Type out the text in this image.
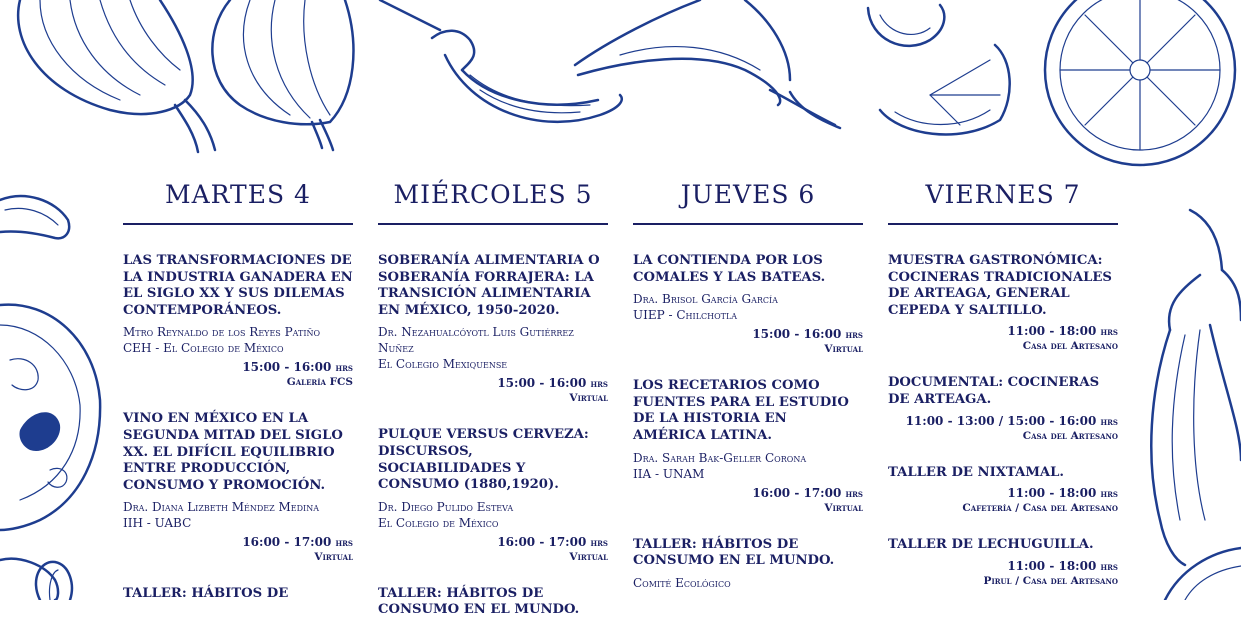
MARTES 4
LAS TRANSFORMACIONES DE LA INDUSTRIA GANADERA EN EL SIGLO XX Y SUS DILEMAS CONTEMPORÁNEOS.
Mtro Reynaldo de los Reyes Patiño
CEH - El Colegio de México
15:00 - 16:00 hrs
Galería FCS
VINO EN MÉXICO EN LA SEGUNDA MITAD DEL SIGLO XX. EL DIFÍCIL EQUILIBRIO ENTRE PRODUCCIÓN, CONSUMO Y PROMOCIÓN.
Dra. Diana Lizbeth Méndez Medina
IIH - UABC
16:00 - 17:00 hrs
Virtual
TALLER: HÁBITOS DE
MIÉRCOLES 5
SOBERANÍA ALIMENTARIA O SOBERANÍA FORRAJERA: LA TRANSICIÓN ALIMENTARIA EN MÉXICO, 1950-2020.
Dr. Nezahualcóyotl Luis Gutiérrez Nuñez
El Colegio Mexiquense
15:00 - 16:00 hrs
Virtual
PULQUE VERSUS CERVEZA: DISCURSOS, SOCIABILIDADES Y CONSUMO (1880,1920).
Dr. Diego Pulido Esteva
El Colegio de México
16:00 - 17:00 hrs
Virtual
TALLER: HÁBITOS DE CONSUMO EN EL MUNDO.
JUEVES 6
LA CONTIENDA POR LOS COMALES Y LAS BATEAS.
Dra. Brisol García García
UIEP - Chilchotla
15:00 - 16:00 hrs
Virtual
LOS RECETARIOS COMO FUENTES PARA EL ESTUDIO DE LA HISTORIA EN AMÉRICA LATINA.
Dra. Sarah Bak-Geller Corona
IIA - UNAM
16:00 - 17:00 hrs
Virtual
TALLER: HÁBITOS DE CONSUMO EN EL MUNDO.
Comité Ecológico
VIERNES 7
MUESTRA GASTRONÓMICA: COCINERAS TRADICIONALES DE ARTEAGA, GENERAL CEPEDA Y SALTILLO.
11:00 - 18:00 hrs
Casa del Artesano
DOCUMENTAL: COCINERAS DE ARTEAGA.
11:00 - 13:00 / 15:00 - 16:00 hrs
Casa del Artesano
TALLER DE NIXTAMAL.
11:00 - 18:00 hrs
Cafetería / Casa del Artesano
TALLER DE LECHUGUILLA.
11:00 - 18:00 hrs
Pirul / Casa del Artesano
